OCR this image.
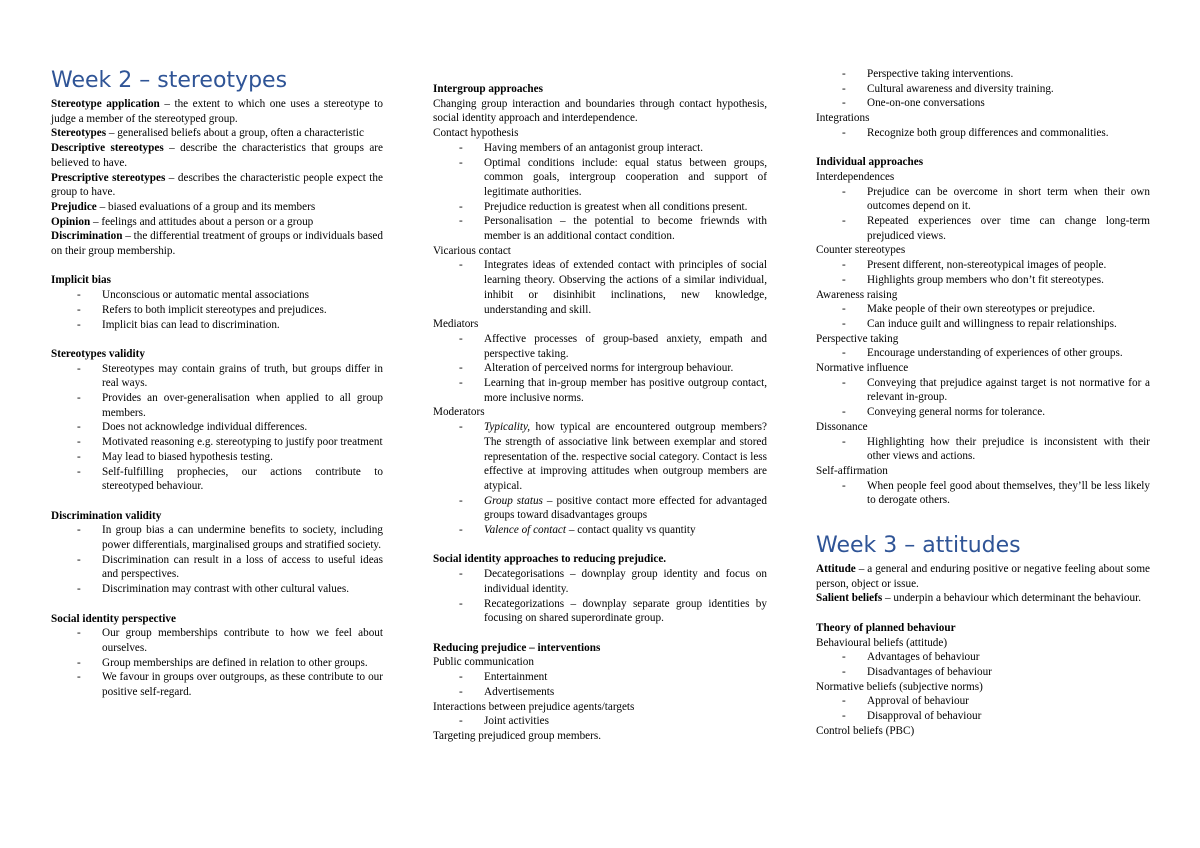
Week 2 – stereotypes

Stereotype application – the extent to which one uses a stereotype to judge a member of the stereotyped group.

Stereotypes – generalised beliefs about a group, often a characteristic

Descriptive stereotypes – describe the characteristics that groups are believed to have.

Prescriptive stereotypes – describes the characteristic people expect the group to have.

Prejudice – biased evaluations of a group and its members

Opinion – feelings and attitudes about a person or a group

Discrimination – the differential treatment of groups or individuals based on their group membership.

Implicit bias

- Unconscious or automatic mental associations
- Refers to both implicit stereotypes and prejudices.
- Implicit bias can lead to discrimination.

Stereotypes validity

- Stereotypes may contain grains of truth, but groups differ in real ways.
- Provides an over-generalisation when applied to all group members.
- Does not acknowledge individual differences.
- Motivated reasoning e.g. stereotyping to justify poor treatment
- May lead to biased hypothesis testing.
- Self-fulfilling prophecies, our actions contribute to stereotyped behaviour.

Discrimination validity

- In group bias a can undermine benefits to society, including power differentials, marginalised groups and stratified society.
- Discrimination can result in a loss of access to useful ideas and perspectives.
- Discrimination may contrast with other cultural values.

Social identity perspective

- Our group memberships contribute to how we feel about ourselves.
- Group memberships are defined in relation to other groups.
- We favour in groups over outgroups, as these contribute to our positive self-regard.

Intergroup approaches

Changing group interaction and boundaries through contact hypothesis, social identity approach and interdependence.

Contact hypothesis

- Having members of an antagonist group interact.
- Optimal conditions include: equal status between groups, common goals, intergroup cooperation and support of legitimate authorities.
- Prejudice reduction is greatest when all conditions present.
- Personalisation – the potential to become friewnds with member is an additional contact condition.

Vicarious contact

- Integrates ideas of extended contact with principles of social learning theory. Observing the actions of a similar individual, inhibit or disinhibit inclinations, new knowledge, understanding and skill.

Mediators

- Affective processes of group-based anxiety, empath and perspective taking.
- Alteration of perceived norms for intergroup behaviour.
- Learning that in-group member has positive outgroup contact, more inclusive norms.

Moderators

- Typicality, how typical are encountered outgroup members? The strength of associative link between exemplar and stored representation of the. respective social category. Contact is less effective at improving attitudes when outgroup members are atypical.
- Group status – positive contact more effected for advantaged groups toward disadvantages groups
- Valence of contact – contact quality vs quantity

Social identity approaches to reducing prejudice.

- Decategorisations – downplay group identity and focus on individual identity.
- Recategorizations – downplay separate group identities by focusing on shared superordinate group.

Reducing prejudice – interventions

Public communication

- Entertainment
- Advertisements

Interactions between prejudice agents/targets

- Joint activities

Targeting prejudiced group members.

- Perspective taking interventions.
- Cultural awareness and diversity training.
- One-on-one conversations

Integrations

- Recognize both group differences and commonalities.

Individual approaches

Interdependences

- Prejudice can be overcome in short term when their own outcomes depend on it.
- Repeated experiences over time can change long-term prejudiced views.

Counter stereotypes

- Present different, non-stereotypical images of people.
- Highlights group members who don’t fit stereotypes.

Awareness raising

- Make people of their own stereotypes or prejudice.
- Can induce guilt and willingness to repair relationships.

Perspective taking

- Encourage understanding of experiences of other groups.

Normative influence

- Conveying that prejudice against target is not normative for a relevant in-group.
- Conveying general norms for tolerance.

Dissonance

- Highlighting how their prejudice is inconsistent with their other views and actions.

Self-affirmation

- When people feel good about themselves, they’ll be less likely to derogate others.
Week 3 – attitudes

Attitude – a general and enduring positive or negative feeling about some person, object or issue.

Salient beliefs – underpin a behaviour which determinant the behaviour.

Theory of planned behaviour

Behavioural beliefs (attitude)

- Advantages of behaviour
- Disadvantages of behaviour

Normative beliefs (subjective norms)

- Approval of behaviour
- Disapproval of behaviour

Control beliefs (PBC)
